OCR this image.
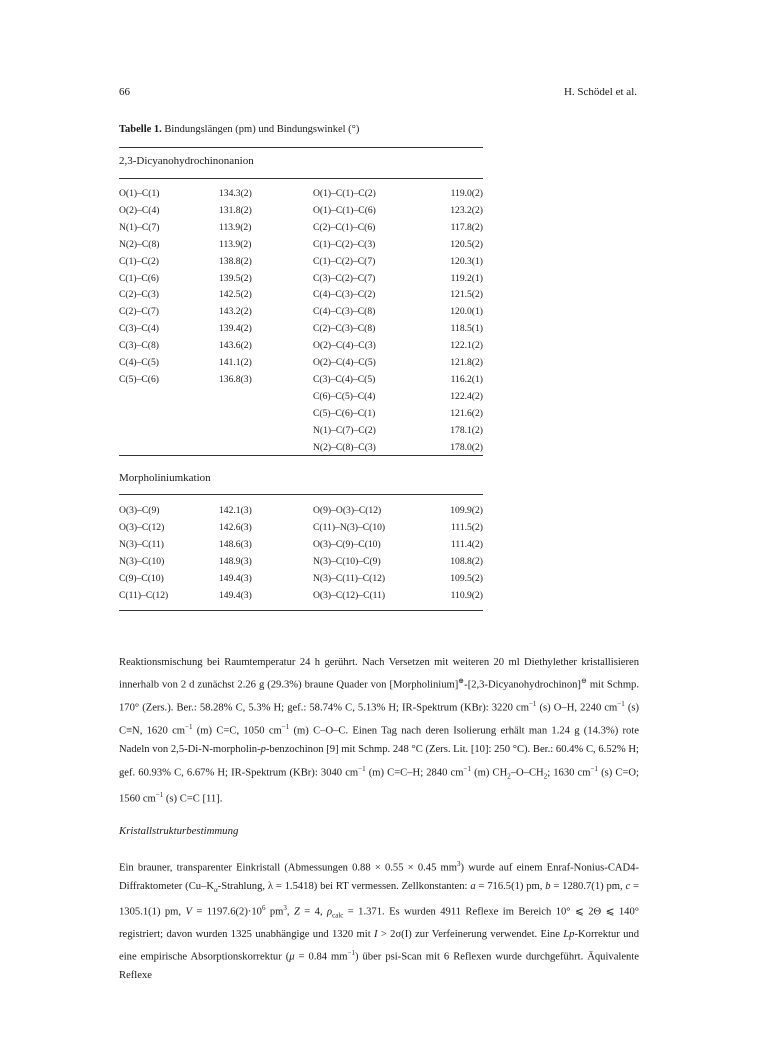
66	H. Schödel et al.
Tabelle 1. Bindungslängen (pm) und Bindungswinkel (°)
2,3-Dicyanohydrochinonanion
O(1)–C(1)	134.3(2)	O(1)–C(1)–C(2)	119.0(2)
O(2)–C(4)	131.8(2)	O(1)–C(1)–C(6)	123.2(2)
N(1)–C(7)	113.9(2)	C(2)–C(1)–C(6)	117.8(2)
N(2)–C(8)	113.9(2)	C(1)–C(2)–C(3)	120.5(2)
C(1)–C(2)	138.8(2)	C(1)–C(2)–C(7)	120.3(1)
C(1)–C(6)	139.5(2)	C(3)–C(2)–C(7)	119.2(1)
C(2)–C(3)	142.5(2)	C(4)–C(3)–C(2)	121.5(2)
C(2)–C(7)	143.2(2)	C(4)–C(3)–C(8)	120.0(1)
C(3)–C(4)	139.4(2)	C(2)–C(3)–C(8)	118.5(1)
C(3)–C(8)	143.6(2)	O(2)–C(4)–C(3)	122.1(2)
C(4)–C(5)	141.1(2)	O(2)–C(4)–C(5)	121.8(2)
C(5)–C(6)	136.8(3)	C(3)–C(4)–C(5)	116.2(1)
		C(6)–C(5)–C(4)	122.4(2)
		C(5)–C(6)–C(1)	121.6(2)
		N(1)–C(7)–C(2)	178.1(2)
		N(2)–C(8)–C(3)	178.0(2)
Morpholiniumkation
O(3)–C(9)	142.1(3)	O(9)–O(3)–C(12)	109.9(2)
O(3)–C(12)	142.6(3)	C(11)–N(3)–C(10)	111.5(2)
N(3)–C(11)	148.6(3)	O(3)–C(9)–C(10)	111.4(2)
N(3)–C(10)	148.9(3)	N(3)–C(10)–C(9)	108.8(2)
C(9)–C(10)	149.4(3)	N(3)–C(11)–C(12)	109.5(2)
C(11)–C(12)	149.4(3)	O(3)–C(12)–C(11)	110.9(2)

Reaktionsmischung bei Raumtemperatur 24 h gerührt. Nach Versetzen mit weiteren 20 ml Diethylether kristallisieren innerhalb von 2 d zunächst 2.26 g (29.3%) braune Quader von [Morpholinium]⊕-[2,3-Dicyanohydrochinon]⊖ mit Schmp. 170° (Zers.). Ber.: 58.28% C, 5.3% H; gef.: 58.74% C, 5.13% H; IR-Spektrum (KBr): 3220 $cm^{-1}$ (s) O–H, 2240 $cm^{-1}$ (s) C≡N, 1620 $cm^{-1}$ (m) C=C, 1050 $cm^{-1}$ (m) C–O–C. Einen Tag nach deren Isolierung erhält man 1.24 g (14.3%) rote Nadeln von 2,5-Di-N-morpholin-p-benzochinon [9] mit Schmp. 248 °C (Zers. Lit. [10]: 250 °C). Ber.: 60.4% C, 6.52% H; gef. 60.93% C, 6.67% H; IR-Spektrum (KBr): 3040 $cm^{-1}$ (m) C=C–H; 2840 $cm^{-1}$ (m) $CH_2-O-CH_2$; 1630 $cm^{-1}$ (s) C=O; 1560 $cm^{-1}$ (s) C=C [11].

Kristallstrukturbestimmung

Ein brauner, transparenter Einkristall (Abmessungen 0.88 × 0.55 × 0.45 $mm^3$) wurde auf einem Enraf-Nonius-CAD4-Diffraktometer ($Cu-K_\alpha$-Strahlung, λ = 1.5418) bei RT vermessen. Zellkonstanten: a = 716.5(1) pm, b = 1280.7(1) pm, c = 1305.1(1) pm, $V = 1197.6(2)\cdot 10^6$ $pm^3$, Z = 4, $\rho_{calc} = 1.371$. Es wurden 4911 Reflexe im Bereich 10° ⩽ 2Θ ⩽ 140° registriert; davon wurden 1325 unabhängige und 1320 mit I > 2σ(I) zur Verfeinerung verwendet. Eine Lp-Korrektur und eine empirische Absorptionskorrektur (μ = 0.84 $mm^{-1}$) über psi-Scan mit 6 Reflexen wurde durchgeführt. Äquivalente Reflexe
